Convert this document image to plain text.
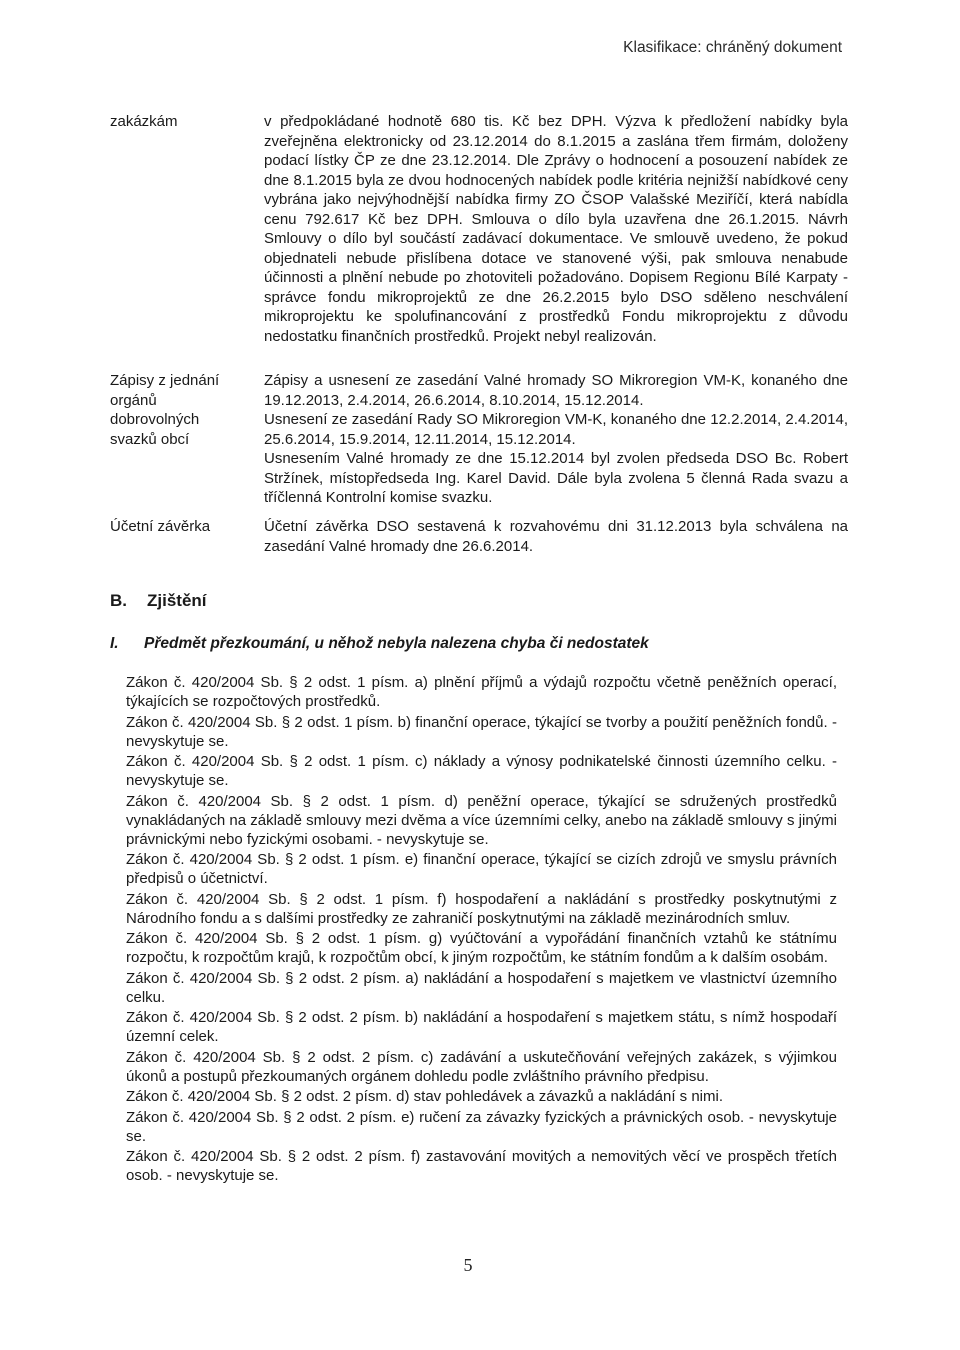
Klasifikace: chráněný dokument
zakázkám	v předpokládané hodnotě 680 tis. Kč bez DPH. Výzva k předložení nabídky byla zveřejněna elektronicky od 23.12.2014 do 8.1.2015 a zaslána třem firmám, doloženy podací lístky ČP ze dne 23.12.2014. Dle Zprávy o hodnocení a posouzení nabídek ze dne 8.1.2015 byla ze dvou hodnocených nabídek podle kritéria nejnižší nabídkové ceny vybrána jako nejvýhodnější nabídka firmy ZO ČSOP Valašské Meziříčí, která nabídla cenu 792.617 Kč bez DPH. Smlouva o dílo byla uzavřena dne 26.1.2015. Návrh Smlouvy o dílo byl součástí zadávací dokumentace. Ve smlouvě uvedeno, že pokud objednateli nebude přislíbena dotace ve stanovené výši, pak smlouva nenabude účinnosti a plnění nebude po zhotoviteli požadováno. Dopisem Regionu Bílé Karpaty - správce fondu mikroprojektů ze dne 26.2.2015 bylo DSO sděleno neschválení mikroprojektu ke spolufinancování z prostředků Fondu mikroprojektu z důvodu nedostatku finančních prostředků. Projekt nebyl realizován.

Zápisy z jednání orgánů dobrovolných svazků obcí

Zápisy a usnesení ze zasedání Valné hromady SO Mikroregion VM-K, konaného dne 19.12.2013, 2.4.2014, 26.6.2014, 8.10.2014, 15.12.2014.

Usnesení ze zasedání Rady SO Mikroregion VM-K, konaného dne 12.2.2014, 2.4.2014, 25.6.2014, 15.9.2014, 12.11.2014, 15.12.2014.

Usnesením Valné hromady ze dne 15.12.2014 byl zvolen předseda DSO Bc. Robert Stržínek, místopředseda Ing. Karel David. Dále byla zvolena 5 členná Rada svazu a tříčlenná Kontrolní komise svazku.

Účetní závěrka	Účetní závěrka DSO sestavená k rozvahovému dni 31.12.2013 byla schválena na zasedání Valné hromady dne 26.6.2014.

B. Zjištění
I. Předmět přezkoumání, u něhož nebyla nalezena chyba či nedostatek

Zákon č. 420/2004 Sb. § 2 odst. 1 písm. a) plnění příjmů a výdajů rozpočtu včetně peněžních operací, týkajících se rozpočtových prostředků.

Zákon č. 420/2004 Sb. § 2 odst. 1 písm. b) finanční operace, týkající se tvorby a použití peněžních fondů. - nevyskytuje se.

Zákon č. 420/2004 Sb. § 2 odst. 1 písm. c) náklady a výnosy podnikatelské činnosti územního celku. - nevyskytuje se.

Zákon č. 420/2004 Sb. § 2 odst. 1 písm. d) peněžní operace, týkající se sdružených prostředků vynakládaných na základě smlouvy mezi dvěma a více územními celky, anebo na základě smlouvy s jinými právnickými nebo fyzickými osobami. - nevyskytuje se.

Zákon č. 420/2004 Sb. § 2 odst. 1 písm. e) finanční operace, týkající se cizích zdrojů ve smyslu právních předpisů o účetnictví.

Zákon č. 420/2004 Sb. § 2 odst. 1 písm. f) hospodaření a nakládání s prostředky poskytnutými z Národního fondu a s dalšími prostředky ze zahraničí poskytnutými na základě mezinárodních smluv.

Zákon č. 420/2004 Sb. § 2 odst. 1 písm. g) vyúčtování a vypořádání finančních vztahů ke státnímu rozpočtu, k rozpočtům krajů, k rozpočtům obcí, k jiným rozpočtům, ke státním fondům a k dalším osobám.

Zákon č. 420/2004 Sb. § 2 odst. 2 písm. a) nakládání a hospodaření s majetkem ve vlastnictví územního celku.

Zákon č. 420/2004 Sb. § 2 odst. 2 písm. b) nakládání a hospodaření s majetkem státu, s nímž hospodaří územní celek.

Zákon č. 420/2004 Sb. § 2 odst. 2 písm. c) zadávání a uskutečňování veřejných zakázek, s výjimkou úkonů a postupů přezkoumaných orgánem dohledu podle zvláštního právního předpisu.

Zákon č. 420/2004 Sb. § 2 odst. 2 písm. d) stav pohledávek a závazků a nakládání s nimi.

Zákon č. 420/2004 Sb. § 2 odst. 2 písm. e) ručení za závazky fyzických a právnických osob. - nevyskytuje se.

Zákon č. 420/2004 Sb. § 2 odst. 2 písm. f) zastavování movitých a nemovitých věcí ve prospěch třetích osob. - nevyskytuje se.

5
